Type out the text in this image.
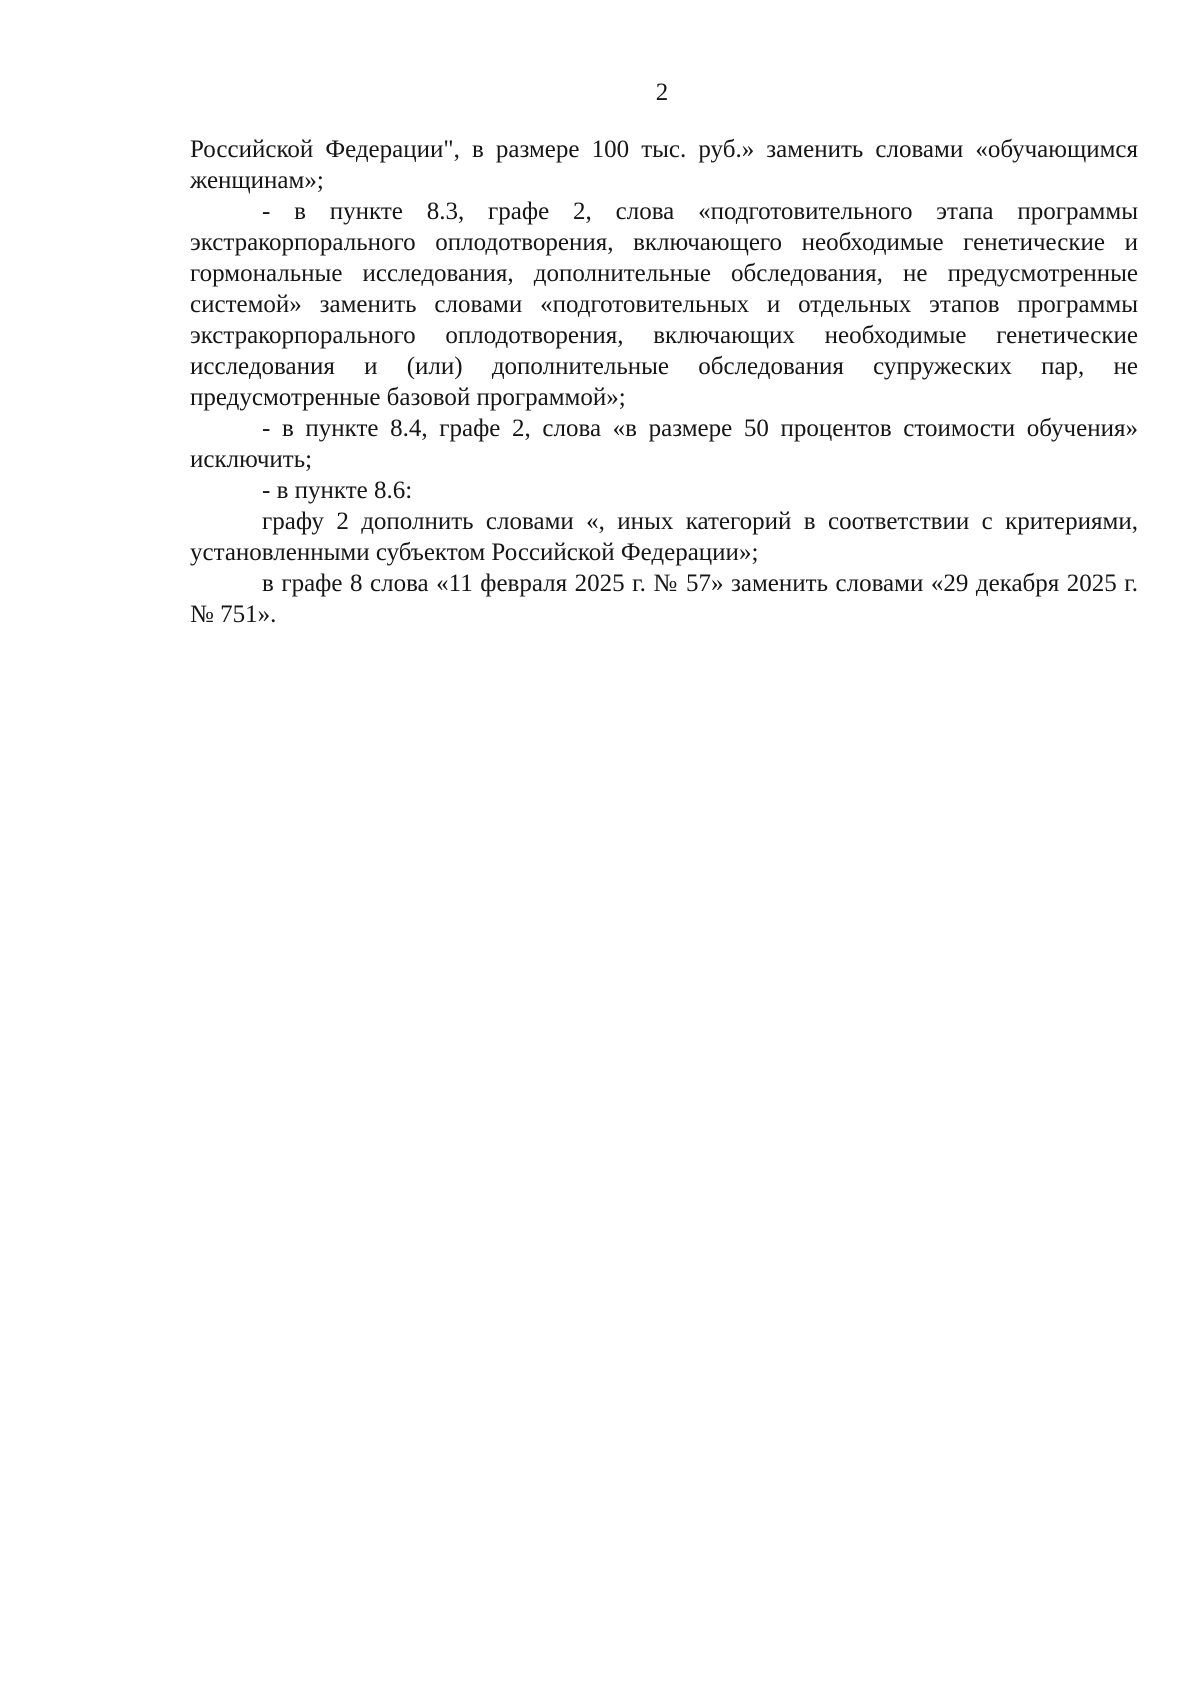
2

Российской Федерации", в размере 100 тыс. руб.» заменить словами «обучающимся женщинам»;

- в пункте 8.3, графе 2, слова «подготовительного этапа программы экстракорпорального оплодотворения, включающего необходимые генетические и гормональные исследования, дополнительные обследования, не предусмотренные системой» заменить словами «подготовительных и отдельных этапов программы экстракорпорального оплодотворения, включающих необходимые генетические исследования и (или) дополнительные обследования супружеских пар, не предусмотренные базовой программой»;

- в пункте 8.4, графе 2, слова «в размере 50 процентов стоимости обучения» исключить;

- в пункте 8.6:

графу 2 дополнить словами «, иных категорий в соответствии с критериями, установленными субъектом Российской Федерации»;

в графе 8 слова «11 февраля 2025 г. № 57» заменить словами «29 декабря 2025 г. № 751».
